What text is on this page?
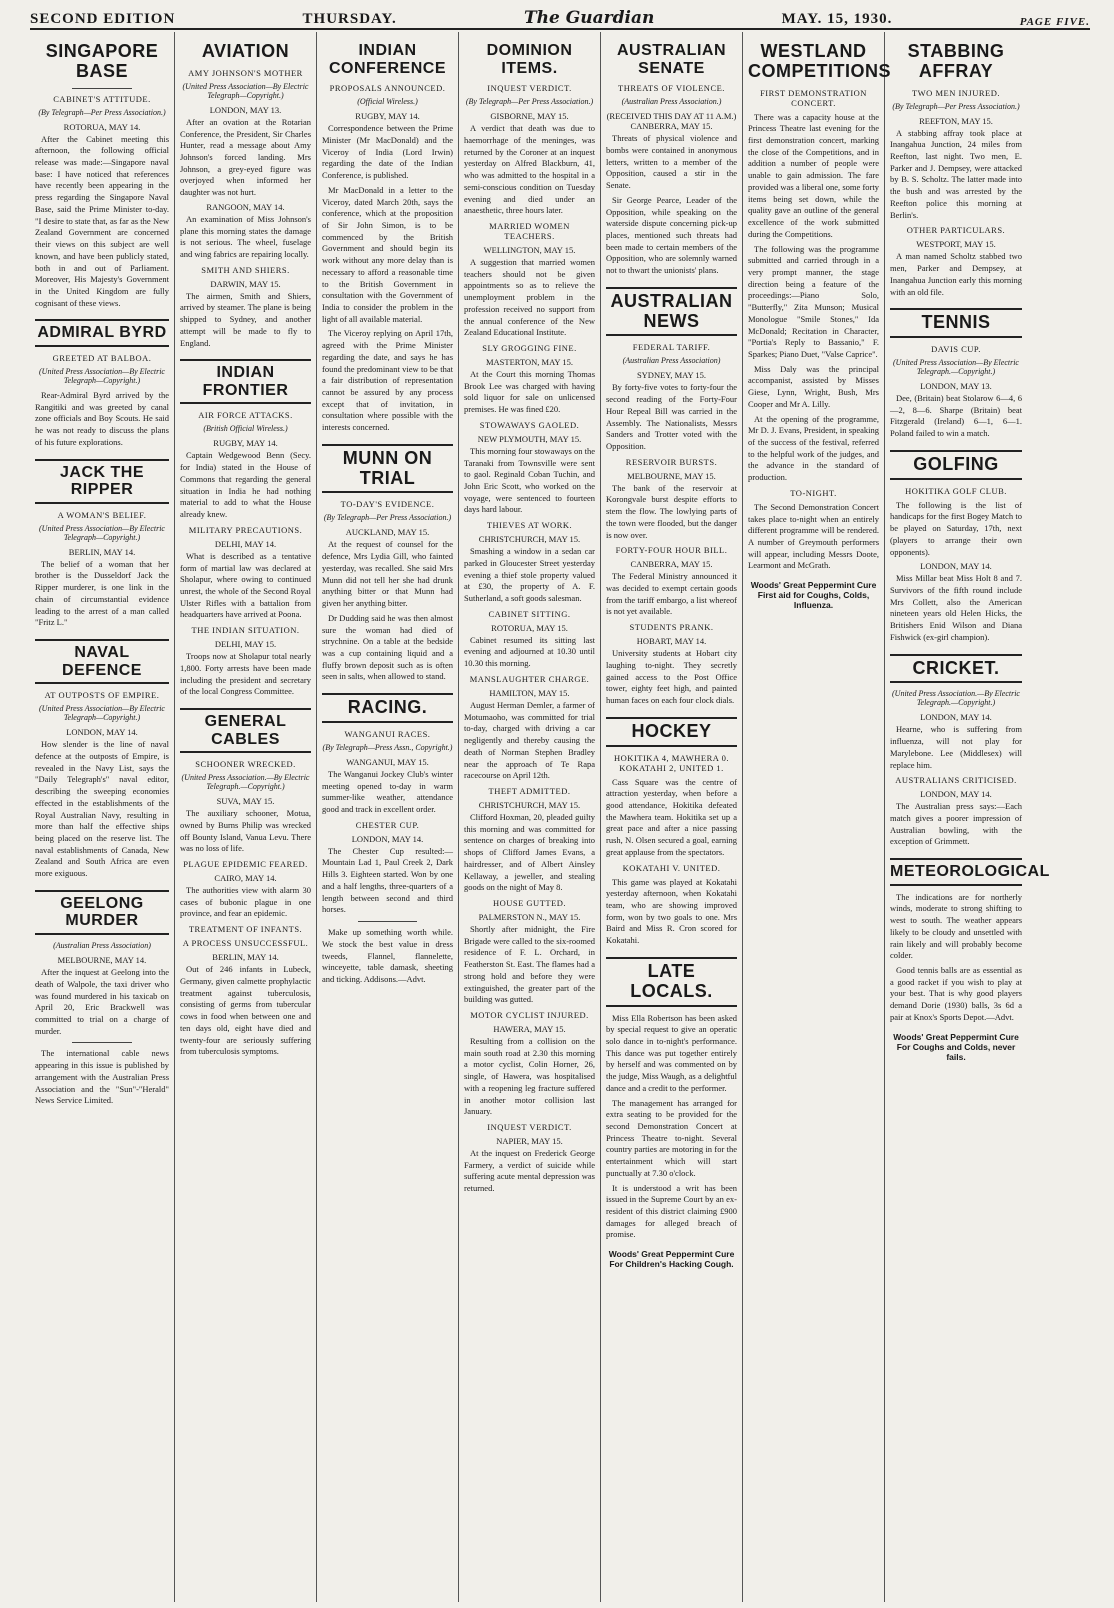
SECOND EDITION	THURSDAY.	The Guardian	MAY. 15, 1930.	PAGE FIVE.
SINGAPORE BASE
CABINET'S ATTITUDE.
(By Telegraph—Per Press Association.)
ROTORUA, MAY 14.

After the Cabinet meeting this afternoon, the following official release was made:—Singapore naval base: I have noticed that references have recently been appearing in the press regarding the Singapore Naval Base, said the Prime Minister to-day. "I desire to state that, as far as the New Zealand Government are concerned their views on this subject are well known, and have been publicly stated, both in and out of Parliament. Moreover, His Majesty's Government in the United Kingdom are fully cognisant of these views.

ADMIRAL BYRD
GREETED AT BALBOA.
(United Press Association—By Electric Telegraph—Copyright.)

Rear-Admiral Byrd arrived by the Rangitiki and was greeted by canal zone officials and Boy Scouts. He said he was not ready to discuss the plans of his future explorations.

JACK THE RIPPER
A WOMAN'S BELIEF.
(United Press Association—By Electric Telegraph—Copyright.)
BERLIN, MAY 14.

The belief of a woman that her brother is the Dusseldorf Jack the Ripper murderer, is one link in the chain of circumstantial evidence leading to the arrest of a man called "Fritz L."

NAVAL DEFENCE
AT OUTPOSTS OF EMPIRE.
(United Press Association—By Electric Telegraph—Copyright.)
LONDON, MAY 14.

How slender is the line of naval defence at the outposts of Empire, is revealed in the Navy List, says the "Daily Telegraph's" naval editor, describing the sweeping economies effected in the establishments of the Royal Australian Navy, resulting in more than half the effective ships being placed on the reserve list. The naval establishments of Canada, New Zealand and South Africa are even more exiguous.

GEELONG MURDER
(Australian Press Association)
MELBOURNE, MAY 14.

After the inquest at Geelong into the death of Walpole, the taxi driver who was found murdered in his taxicab on April 20, Eric Brackwell was committed to trial on a charge of murder.

The international cable news appearing in this issue is published by arrangement with the Australian Press Association and the "Sun"-"Herald" News Service Limited.

AVIATION
AMY JOHNSON'S MOTHER
(United Press Association—By Electric Telegraph—Copyright.)
LONDON, MAY 13.

After an ovation at the Rotarian Conference, the President, Sir Charles Hunter, read a message about Amy Johnson's forced landing. Mrs Johnson, a grey-eyed figure was overjoyed when informed her daughter was not hurt.

RANGOON, MAY 14.

An examination of Miss Johnson's plane this morning states the damage is not serious. The wheel, fuselage and wing fabrics are repairing locally.

SMITH AND SHIERS.
DARWIN, MAY 15.

The airmen, Smith and Shiers, arrived by steamer. The plane is being shipped to Sydney, and another attempt will be made to fly to England.

INDIAN FRONTIER
AIR FORCE ATTACKS.
(British Official Wireless.)
RUGBY, MAY 14.

Captain Wedgewood Benn (Secy. for India) stated in the House of Commons that regarding the general situation in India he had nothing material to add to what the House already knew.

MILITARY PRECAUTIONS.
DELHI, MAY 14.

What is described as a tentative form of martial law was declared at Sholapur, where owing to continued unrest, the whole of the Second Royal Ulster Rifles with a battalion from headquarters have arrived at Poona.

THE INDIAN SITUATION.
DELHI, MAY 15.

Troops now at Sholapur total nearly 1,800. Forty arrests have been made including the president and secretary of the local Congress Committee.

GENERAL CABLES
SCHOONER WRECKED.
(United Press Association.—By Electric Telegraph.—Copyright.)
SUVA, MAY 15.

The auxiliary schooner, Motua, owned by Burns Philip was wrecked off Bounty Island, Vanua Levu. There was no loss of life.

PLAGUE EPIDEMIC FEARED.
CAIRO, MAY 14.

The authorities view with alarm 30 cases of bubonic plague in one province, and fear an epidemic.

TREATMENT OF INFANTS.
A PROCESS UNSUCCESSFUL.
BERLIN, MAY 14.

Out of 246 infants in Lubeck, Germany, given calmette prophylactic treatment against tuberculosis, consisting of germs from tubercular cows in food when between one and ten days old, eight have died and twenty-four are seriously suffering from tuberculosis symptoms.

INDIAN CONFERENCE
PROPOSALS ANNOUNCED.
(Official Wireless.)
RUGBY, MAY 14.

Correspondence between the Prime Minister (Mr MacDonald) and the Viceroy of India (Lord Irwin) regarding the date of the Indian Conference, is published.

Mr MacDonald in a letter to the Viceroy, dated March 20th, says the conference, which at the proposition of Sir John Simon, is to be commenced by the British Government and should begin its work without any more delay than is necessary to afford a reasonable time to the British Government in consultation with the Government of India to consider the problem in the light of all available material.

The Viceroy replying on April 17th, agreed with the Prime Minister regarding the date, and says he has found the predominant view to be that a fair distribution of representation cannot be assured by any process except that of invitation, in consultation where possible with the interests concerned.

MUNN ON TRIAL
TO-DAY'S EVIDENCE.
(By Telegraph—Per Press Association.)
AUCKLAND, MAY 15.

At the request of counsel for the defence, Mrs Lydia Gill, who fainted yesterday, was recalled. She said Mrs Munn did not tell her she had drunk anything bitter or that Munn had given her anything bitter.

Dr Dudding said he was then almost sure the woman had died of strychnine. On a table at the bedside was a cup containing liquid and a fluffy brown deposit such as is often seen in salts, when allowed to stand.

RACING.
WANGANUI RACES.
(By Telegraph—Press Assn., Copyright.)
WANGANUI, MAY 15.

The Wanganui Jockey Club's winter meeting opened to-day in warm summer-like weather, attendance good and track in excellent order.

CHESTER CUP.
LONDON, MAY 14.

The Chester Cup resulted:—Mountain Lad 1, Paul Creek 2, Dark Hills 3. Eighteen started. Won by one and a half lengths, three-quarters of a length between second and third horses.

Make up something worth while. We stock the best value in dress tweeds, Flannel, flannelette, winceyette, table damask, sheeting and ticking. Addisons.—Advt.

DOMINION ITEMS.
INQUEST VERDICT.
(By Telegraph—Per Press Association.)
GISBORNE, MAY 15.

A verdict that death was due to haemorrhage of the meninges, was returned by the Coroner at an inquest yesterday on Alfred Blackburn, 41, who was admitted to the hospital in a semi-conscious condition on Tuesday evening and died under an anaesthetic, three hours later.

MARRIED WOMEN TEACHERS.
WELLINGTON, MAY 15.

A suggestion that married women teachers should not be given appointments so as to relieve the unemployment problem in the profession received no support from the annual conference of the New Zealand Educational Institute.

SLY GROGGING FINE.
MASTERTON, MAY 15.

At the Court this morning Thomas Brook Lee was charged with having sold liquor for sale on unlicensed premises. He was fined £20.

STOWAWAYS GAOLED.
NEW PLYMOUTH, MAY 15.

This morning four stowaways on the Taranaki from Townsville were sent to gaol. Reginald Coban Tuchin, and John Eric Scott, who worked on the voyage, were sentenced to fourteen days hard labour.

THIEVES AT WORK.
CHRISTCHURCH, MAY 15.

Smashing a window in a sedan car parked in Gloucester Street yesterday evening a thief stole property valued at £30, the property of A. F. Sutherland, a soft goods salesman.

CABINET SITTING.
ROTORUA, MAY 15.

Cabinet resumed its sitting last evening and adjourned at 10.30 until 10.30 this morning.

MANSLAUGHTER CHARGE.
HAMILTON, MAY 15.

August Herman Demler, a farmer of Motumaoho, was committed for trial to-day, charged with driving a car negligently and thereby causing the death of Norman Stephen Bradley near the approach of Te Rapa racecourse on April 12th.

THEFT ADMITTED.
CHRISTCHURCH, MAY 15.

Clifford Hoxman, 20, pleaded guilty this morning and was committed for sentence on charges of breaking into shops of Clifford James Evans, a hairdresser, and of Albert Ainsley Kellaway, a jeweller, and stealing goods on the night of May 8.

HOUSE GUTTED.
PALMERSTON N., MAY 15.

Shortly after midnight, the Fire Brigade were called to the six-roomed residence of F. L. Orchard, in Featherston St. East. The flames had a strong hold and before they were extinguished, the greater part of the building was gutted.

MOTOR CYCLIST INJURED.
HAWERA, MAY 15.

Resulting from a collision on the main south road at 2.30 this morning a motor cyclist, Colin Horner, 26, single, of Hawera, was hospitalised with a reopening leg fracture suffered in another motor collision last January.

INQUEST VERDICT.
NAPIER, MAY 15.

At the inquest on Frederick George Farmery, a verdict of suicide while suffering acute mental depression was returned.

AUSTRALIAN SENATE
THREATS OF VIOLENCE.
(Australian Press Association.)
(RECEIVED THIS DAY AT 11 A.M.) CANBERRA, MAY 15.

Threats of physical violence and bombs were contained in anonymous letters, written to a member of the Opposition, caused a stir in the Senate.

Sir George Pearce, Leader of the Opposition, while speaking on the waterside dispute concerning pick-up places, mentioned such threats had been made to certain members of the Opposition, who are solemnly warned not to thwart the unionists' plans.

AUSTRALIAN NEWS
FEDERAL TARIFF.
(Australian Press Association)
SYDNEY, MAY 15.

By forty-five votes to forty-four the second reading of the Forty-Four Hour Repeal Bill was carried in the Assembly. The Nationalists, Messrs Sanders and Trotter voted with the Opposition.

RESERVOIR BURSTS.
MELBOURNE, MAY 15.

The bank of the reservoir at Korongvale burst despite efforts to stem the flow. The lowlying parts of the town were flooded, but the danger is now over.

FORTY-FOUR HOUR BILL.
CANBERRA, MAY 15.

The Federal Ministry announced it was decided to exempt certain goods from the tariff embargo, a list whereof is not yet available.

STUDENTS PRANK.
HOBART, MAY 14.

University students at Hobart city laughing to-night. They secretly gained access to the Post Office tower, eighty feet high, and painted human faces on each four clock dials.

HOCKEY
HOKITIKA 4, MAWHERA 0. KOKATAHI 2, UNITED 1.

Cass Square was the centre of attraction yesterday, when before a good attendance, Hokitika defeated the Mawhera team. Hokitika set up a great pace and after a nice passing rush, N. Olsen secured a goal, earning great applause from the spectators.

KOKATAHI V. UNITED.

This game was played at Kokatahi yesterday afternoon, when Kokatahi team, who are showing improved form, won by two goals to one. Mrs Baird and Miss R. Cron scored for Kokatahi.

LATE LOCALS.

Miss Ella Robertson has been asked by special request to give an operatic solo dance in to-night's performance. This dance was put together entirely by herself and was commented on by the judge, Miss Waugh, as a delightful dance and a credit to the performer.

The management has arranged for extra seating to be provided for the second Demonstration Concert at Princess Theatre to-night. Several country parties are motoring in for the entertainment which will start punctually at 7.30 o'clock.

It is understood a writ has been issued in the Supreme Court by an ex-resident of this district claiming £900 damages for alleged breach of promise.

Woods' Great Peppermint Cure For Children's Hacking Cough.
WESTLAND COMPETITIONS
FIRST DEMONSTRATION CONCERT.

There was a capacity house at the Princess Theatre last evening for the first demonstration concert, marking the close of the Competitions, and in addition a number of people were unable to gain admission. The fare provided was a liberal one, some forty items being set down, while the quality gave an outline of the general excellence of the work submitted during the Competitions.

The following was the programme submitted and carried through in a very prompt manner, the stage direction being a feature of the proceedings:—Piano Solo, "Butterfly," Zita Munson; Musical Monologue "Smile Stones," Ida McDonald; Recitation in Character, "Portia's Reply to Bassanio," F. Sparkes; Piano Duet, "Valse Caprice".

Miss Daly was the principal accompanist, assisted by Misses Giese, Lynn, Wright, Bush, Mrs Cooper and Mr A. Lilly.

At the opening of the programme, Mr D. J. Evans, President, in speaking of the success of the festival, referred to the helpful work of the judges, and the advance in the standard of production.

TO-NIGHT.

The Second Demonstration Concert takes place to-night when an entirely different programme will be rendered. A number of Greymouth performers will appear, including Messrs Doote, Learmont and McGrath.

Woods' Great Peppermint Cure First aid for Coughs, Colds, Influenza.
STABBING AFFRAY
TWO MEN INJURED.
(By Telegraph—Per Press Association.)
REEFTON, MAY 15.

A stabbing affray took place at Inangahua Junction, 24 miles from Reefton, last night. Two men, E. Parker and J. Dempsey, were attacked by B. S. Scholtz. The latter made into the bush and was arrested by the Reefton police this morning at Berlin's.

OTHER PARTICULARS.
WESTPORT, MAY 15.

A man named Scholtz stabbed two men, Parker and Dempsey, at Inangahua Junction early this morning with an old file.

TENNIS
DAVIS CUP.
(United Press Association—By Electric Telegraph.—Copyright.)
LONDON, MAY 13.

Dee, (Britain) beat Stolarow 6—4, 6—2, 8—6. Sharpe (Britain) beat Fitzgerald (Ireland) 6—1, 6—1. Poland failed to win a match.

GOLFING
HOKITIKA GOLF CLUB.

The following is the list of handicaps for the first Bogey Match to be played on Saturday, 17th, next (players to arrange their own opponents).

LONDON, MAY 14.

Miss Millar beat Miss Holt 8 and 7. Survivors of the fifth round include Mrs Collett, also the American nineteen years old Helen Hicks, the Britishers Enid Wilson and Diana Fishwick (ex-girl champion).

CRICKET.
(United Press Association.—By Electric Telegraph.—Copyright.)
LONDON, MAY 14.

Hearne, who is suffering from influenza, will not play for Marylebone. Lee (Middlesex) will replace him.

AUSTRALIANS CRITICISED.
LONDON, MAY 14.

The Australian press says:—Each match gives a poorer impression of Australian bowling, with the exception of Grimmett.

METEOROLOGICAL

The indications are for northerly winds, moderate to strong shifting to west to south. The weather appears likely to be cloudy and unsettled with rain likely and will probably become colder.

Good tennis balls are as essential as a good racket if you wish to play at your best. That is why good players demand Dorie (1930) balls, 3s 6d a pair at Knox's Sports Depot.—Advt.

Woods' Great Peppermint Cure For Coughs and Colds, never fails.
